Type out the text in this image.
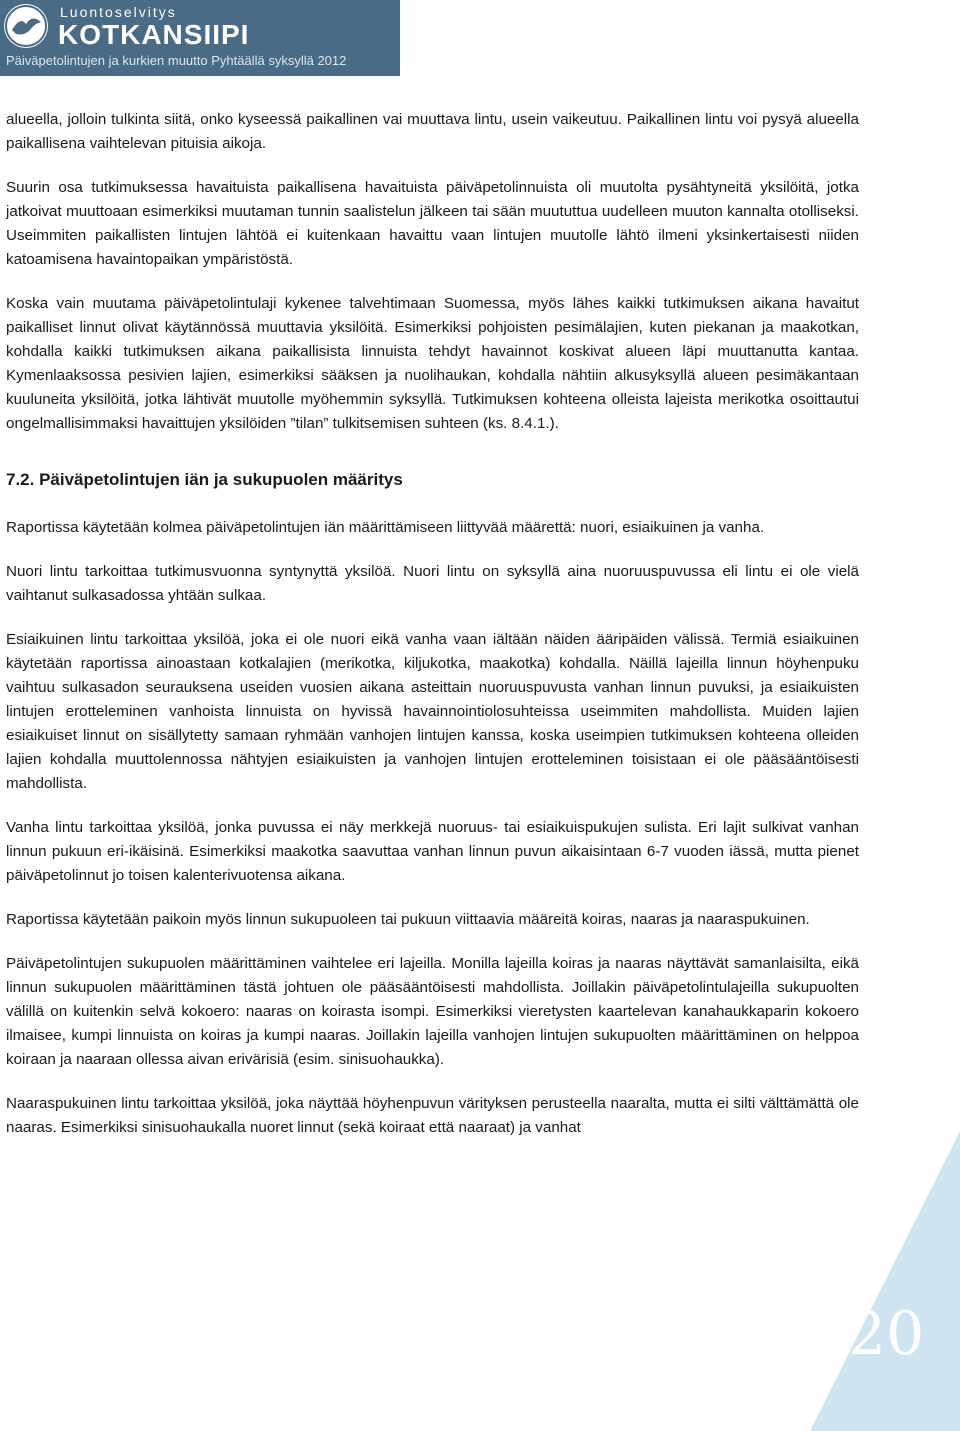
Luontoselvitys
KOTKANSIIPI
Päiväpetolintujen ja kurkien muutto Pyhtäällä syksyllä 2012

alueella, jolloin tulkinta siitä, onko kyseessä paikallinen vai muuttava lintu, usein vaikeutuu. Paikallinen lintu voi pysyä alueella paikallisena vaihtelevan pituisia aikoja.

Suurin osa tutkimuksessa havaituista paikallisena havaituista päiväpetolinnuista oli muutolta pysähtyneitä yksilöitä, jotka jatkoivat muuttoaan esimerkiksi muutaman tunnin saalistelun jälkeen tai sään muututtua uudelleen muuton kannalta otolliseksi. Useimmiten paikallisten lintujen lähtöä ei kuitenkaan havaittu vaan lintujen muutolle lähtö ilmeni yksinkertaisesti niiden katoamisena havaintopaikan ympäristöstä.

Koska vain muutama päiväpetolintulaji kykenee talvehtimaan Suomessa, myös lähes kaikki tutkimuksen aikana havaitut paikalliset linnut olivat käytännössä muuttavia yksilöitä. Esimerkiksi pohjoisten pesimälajien, kuten piekanan ja maakotkan, kohdalla kaikki tutkimuksen aikana paikallisista linnuista tehdyt havainnot koskivat alueen läpi muuttanutta kantaa. Kymenlaaksossa pesivien lajien, esimerkiksi sääksen ja nuolihaukan, kohdalla nähtiin alkusyksyllä alueen pesimäkantaan kuuluneita yksilöitä, jotka lähtivät muutolle myöhemmin syksyllä. Tutkimuksen kohteena olleista lajeista merikotka osoittautui ongelmallisimmaksi havaittujen yksilöiden ”tilan” tulkitsemisen suhteen (ks. 8.4.1.).

7.2. Päiväpetolintujen iän ja sukupuolen määritys

Raportissa käytetään kolmea päiväpetolintujen iän määrittämiseen liittyvää määrettä: nuori, esiaikuinen ja vanha.

Nuori lintu tarkoittaa tutkimusvuonna syntynyttä yksilöä. Nuori lintu on syksyllä aina nuoruuspuvussa eli lintu ei ole vielä vaihtanut sulkasadossa yhtään sulkaa.

Esiaikuinen lintu tarkoittaa yksilöä, joka ei ole nuori eikä vanha vaan iältään näiden ääripäiden välissä. Termiä esiaikuinen käytetään raportissa ainoastaan kotkalajien (merikotka, kiljukotka, maakotka) kohdalla. Näillä lajeilla linnun höyhenpuku vaihtuu sulkasadon seurauksena useiden vuosien aikana asteittain nuoruuspuvusta vanhan linnun puvuksi, ja esiaikuisten lintujen erotteleminen vanhoista linnuista on hyvissä havainnointiolosuhteissa useimmiten mahdollista. Muiden lajien esiaikuiset linnut on sisällytetty samaan ryhmään vanhojen lintujen kanssa, koska useimpien tutkimuksen kohteena olleiden lajien kohdalla muuttolennossa nähtyjen esiaikuisten ja vanhojen lintujen erotteleminen toisistaan ei ole pääsääntöisesti mahdollista.

Vanha lintu tarkoittaa yksilöä, jonka puvussa ei näy merkkejä nuoruus- tai esiaikuispukujen sulista. Eri lajit sulkivat vanhan linnun pukuun eri-ikäisinä. Esimerkiksi maakotka saavuttaa vanhan linnun puvun aikaisintaan 6-7 vuoden iässä, mutta pienet päiväpetolinnut jo toisen kalenterivuotensa aikana.

Raportissa käytetään paikoin myös linnun sukupuoleen tai pukuun viittaavia määreitä koiras, naaras ja naaraspukuinen.

Päiväpetolintujen sukupuolen määrittäminen vaihtelee eri lajeilla. Monilla lajeilla koiras ja naaras näyttävät samanlaisilta, eikä linnun sukupuolen määrittäminen tästä johtuen ole pääsääntöisesti mahdollista. Joillakin päiväpetolintulajeilla sukupuolten välillä on kuitenkin selvä kokoero: naaras on koirasta isompi. Esimerkiksi vieretysten kaartelevan kanahaukkaparin kokoero ilmaisee, kumpi linnuista on koiras ja kumpi naaras. Joillakin lajeilla vanhojen lintujen sukupuolten määrittäminen on helppoa koiraan ja naaraan ollessa aivan erivärisiä (esim. sinisuohaukka).

Naaraspukuinen lintu tarkoittaa yksilöä, joka näyttää höyhenpuvun värityksen perusteella naaralta, mutta ei silti välttämättä ole naaras. Esimerkiksi sinisuohaukalla nuoret linnut (sekä koiraat että naaraat) ja vanhat

20
